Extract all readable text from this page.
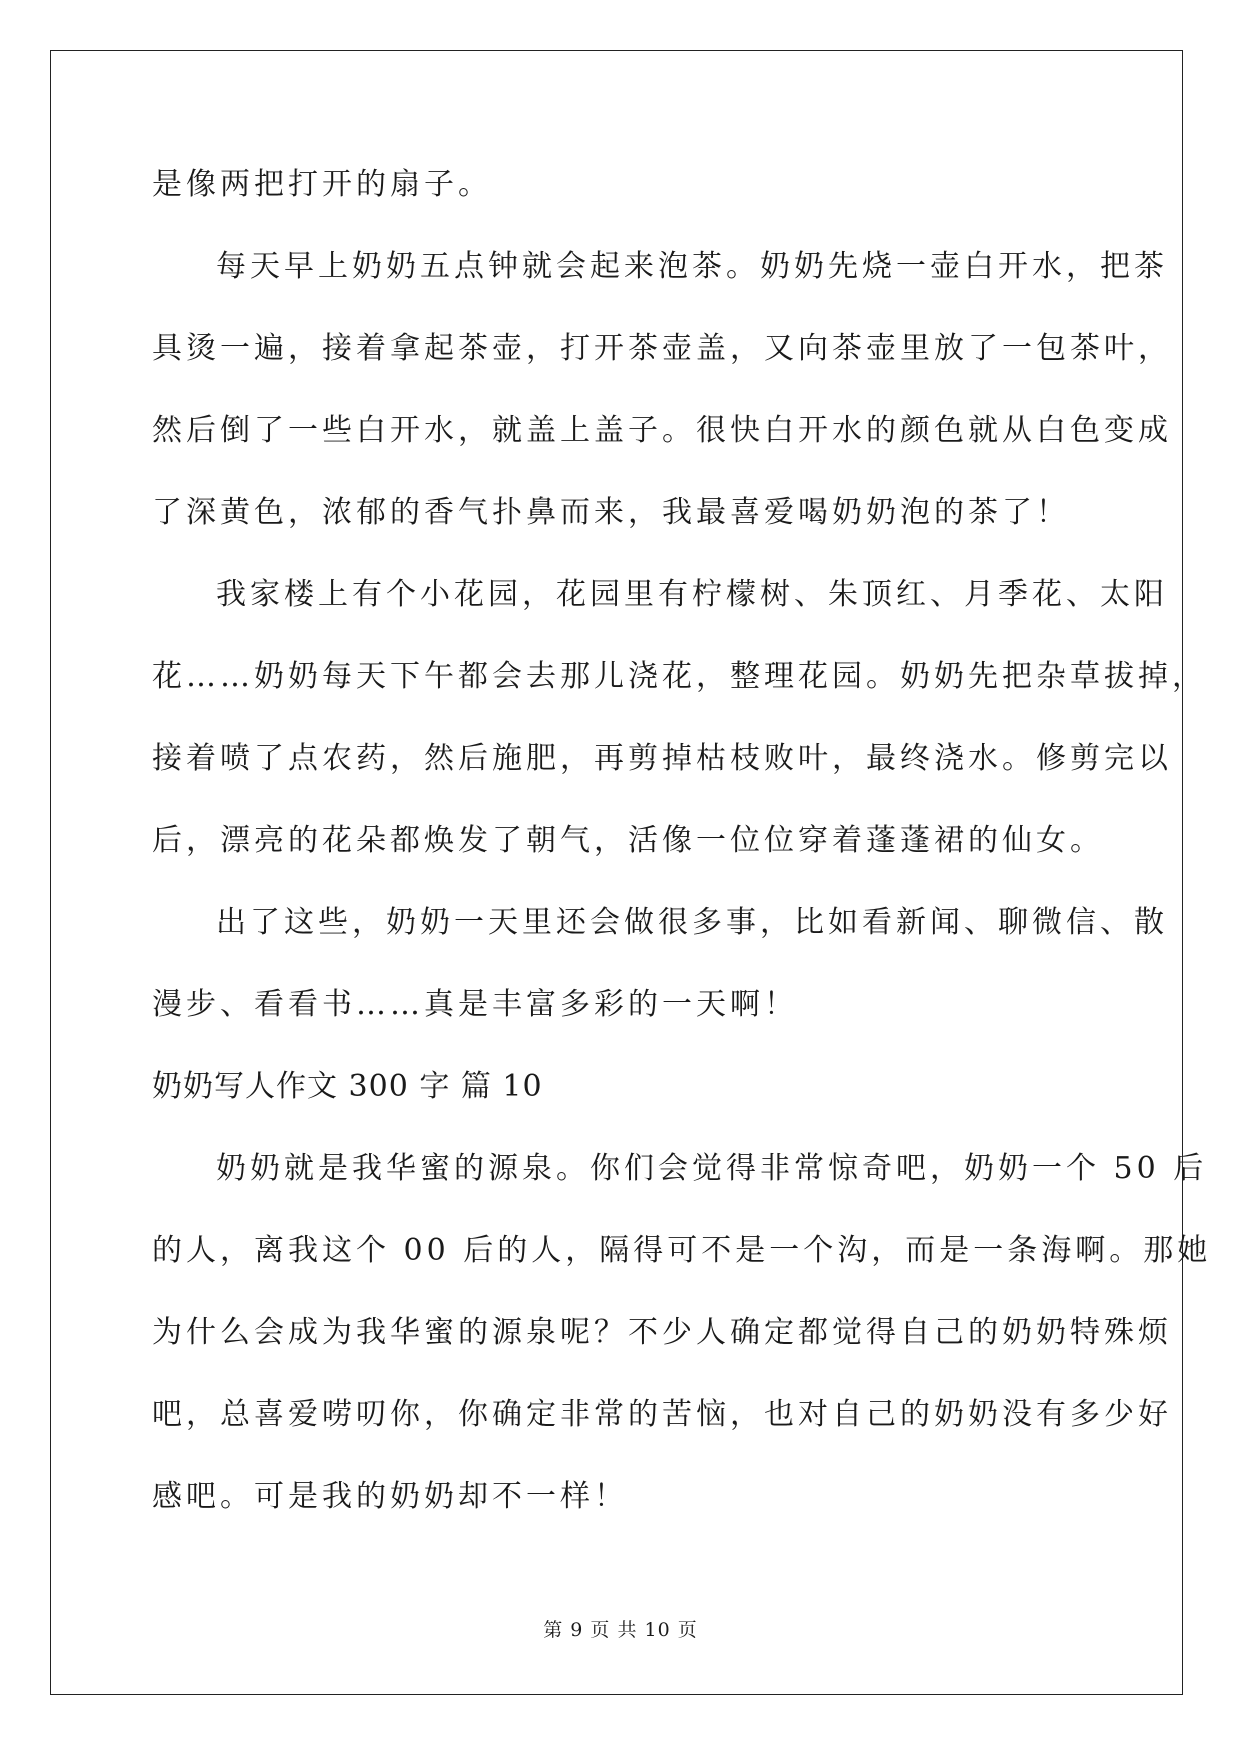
是像两把打开的扇子。
每天早上奶奶五点钟就会起来泡茶。奶奶先烧一壶白开水，把茶
具烫一遍，接着拿起茶壶，打开茶壶盖，又向茶壶里放了一包茶叶，
然后倒了一些白开水，就盖上盖子。很快白开水的颜色就从白色变成
了深黄色，浓郁的香气扑鼻而来，我最喜爱喝奶奶泡的茶了！
我家楼上有个小花园，花园里有柠檬树、朱顶红、月季花、太阳
花……奶奶每天下午都会去那儿浇花，整理花园。奶奶先把杂草拔掉，
接着喷了点农药，然后施肥，再剪掉枯枝败叶，最终浇水。修剪完以
后，漂亮的花朵都焕发了朝气，活像一位位穿着蓬蓬裙的仙女。
出了这些，奶奶一天里还会做很多事，比如看新闻、聊微信、散
漫步、看看书……真是丰富多彩的一天啊！
奶奶写人作文 300 字 篇 10
奶奶就是我华蜜的源泉。你们会觉得非常惊奇吧，奶奶一个 50 后
的人，离我这个 00 后的人，隔得可不是一个沟，而是一条海啊。那她
为什么会成为我华蜜的源泉呢？不少人确定都觉得自己的奶奶特殊烦
吧，总喜爱唠叨你，你确定非常的苦恼，也对自己的奶奶没有多少好
感吧。可是我的奶奶却不一样！
第 9 页 共 10 页
